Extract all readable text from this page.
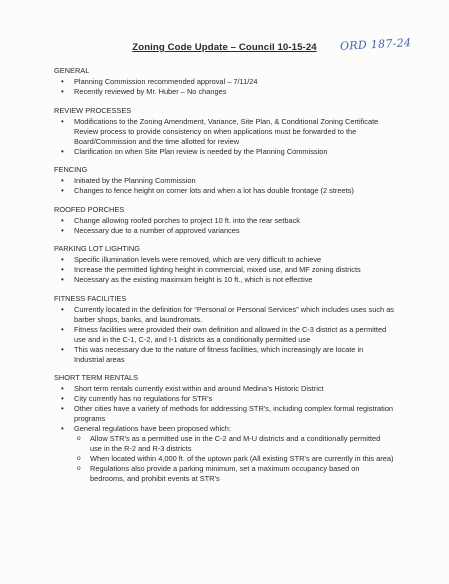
Zoning Code Update – Council 10-15-24	ORD 187-24
GENERAL
• Planning Commission recommended approval – 7/11/24
• Recently reviewed by Mr. Huber – No changes
REVIEW PROCESSES
• Modifications to the Zoning Amendment, Variance, Site Plan, & Conditional Zoning Certificate Review process to provide consistency on when applications must be forwarded to the Board/Commission and the time allotted for review
• Clarification on when Site Plan review is needed by the Planning Commission
FENCING
• Initiated by the Planning Commission
• Changes to fence height on corner lots and when a lot has double frontage (2 streets)
ROOFED PORCHES
• Change allowing roofed porches to project 10 ft. into the rear setback
• Necessary due to a number of approved variances
PARKING LOT LIGHTING
• Specific illumination levels were removed, which are very difficult to achieve
• Increase the permitted lighting height in commercial, mixed use, and MF zoning districts
• Necessary as the existing maximum height is 10 ft., which is not effective
FITNESS FACILITIES
• Currently located in the definition for “Personal or Personal Services” which includes uses such as barber shops, banks, and laundromats.
• Fitness facilities were provided their own definition and allowed in the C-3 district as a permitted use and in the C-1, C-2, and I-1 districts as a conditionally permitted use
• This was necessary due to the nature of fitness facilities, which increasingly are locate in Industrial areas
SHORT TERM RENTALS
• Short term rentals currently exist within and around Medina’s Historic District
• City currently has no regulations for STR’s
• Other cities have a variety of methods for addressing STR’s, including complex formal registration programs
• General regulations have been proposed which:
o Allow STR’s as a permitted use in the C-2 and M-U districts and a conditionally permitted use in the R-2 and R-3 districts
o When located within 4,000 ft. of the uptown park (All existing STR’s are currently in this area)
o Regulations also provide a parking minimum, set a maximum occupancy based on bedrooms, and prohibit events at STR’s
